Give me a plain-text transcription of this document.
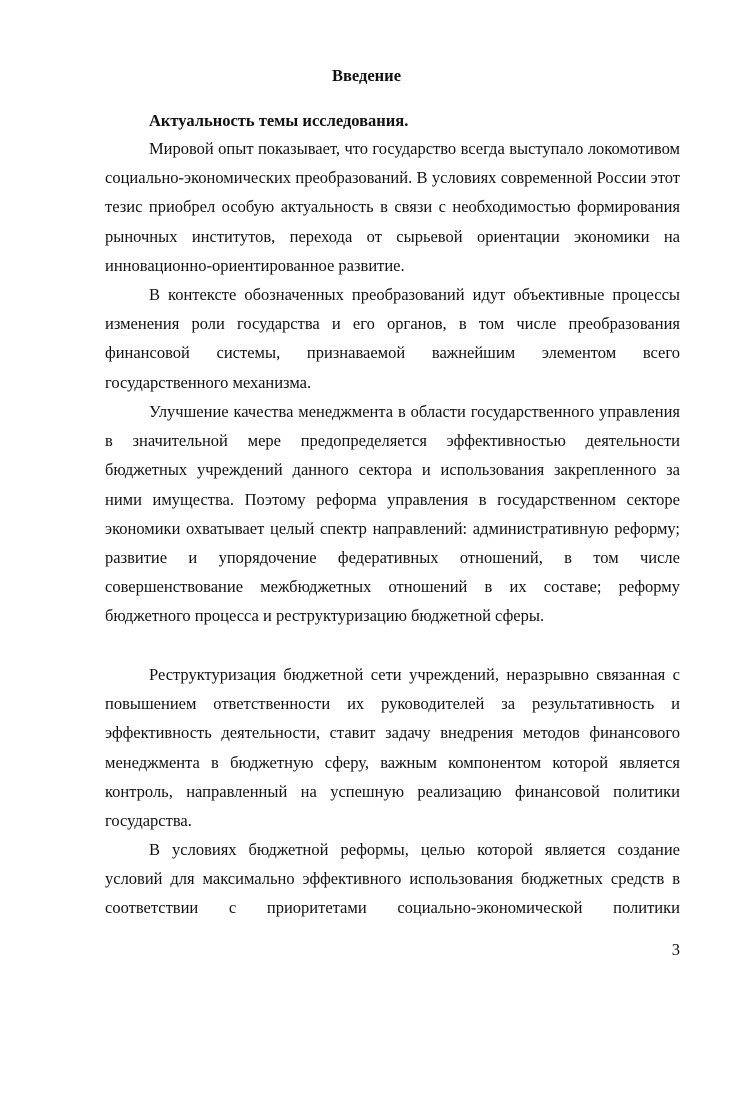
Введение
Актуальность темы исследования.

Мировой опыт показывает, что государство всегда выступало локомотивом социально-экономических преобразований. В условиях современной России этот тезис приобрел особую актуальность в связи с необходимостью формирования рыночных институтов, перехода от сырьевой ориентации экономики на инновационно-ориентированное развитие.

В контексте обозначенных преобразований идут объективные процессы изменения роли государства и его органов, в том числе преобразования финансовой системы, признаваемой важнейшим элементом всего государственного механизма.

Улучшение качества менеджмента в области государственного управления в значительной мере предопределяется эффективностью деятельности бюджетных учреждений данного сектора и использования закрепленного за ними имущества. Поэтому реформа управления в государственном секторе экономики охватывает целый спектр направлений: административную реформу; развитие и упорядочение федеративных отношений, в том числе совершенствование межбюджетных отношений в их составе; реформу бюджетного процесса и реструктуризацию бюджетной сферы.

Реструктуризация бюджетной сети учреждений, неразрывно связанная с повышением ответственности их руководителей за результативность и эффективность деятельности, ставит задачу внедрения методов финансового менеджмента в бюджетную сферу, важным компонентом которой является контроль, направленный на успешную реализацию финансовой политики государства.

В условиях бюджетной реформы, целью которой является создание условий для максимально эффективного использования бюджетных средств в соответствии с приоритетами социально-экономической политики

3
